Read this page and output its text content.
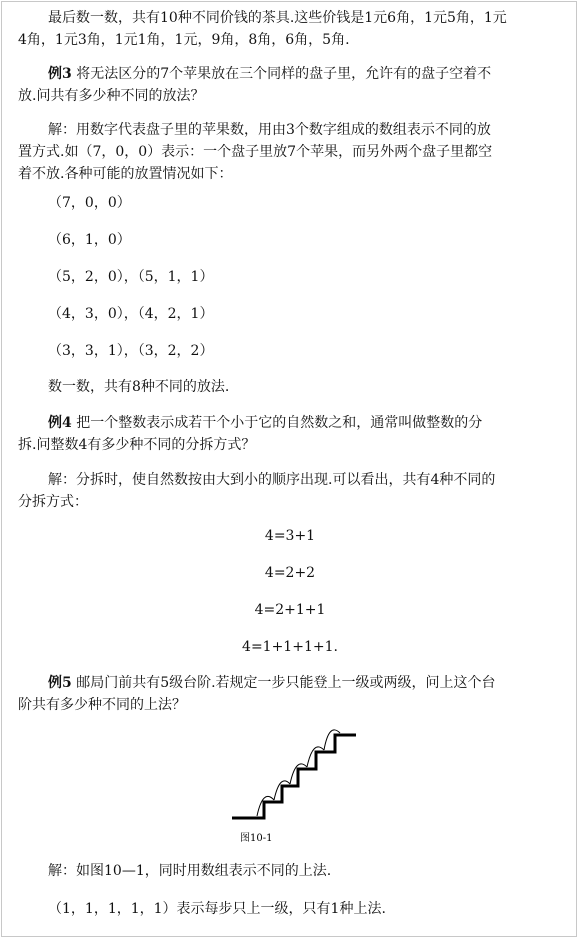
最后数一数，共有10种不同价钱的茶具.这些价钱是1元6角，1元5角，1元
4角，1元3角，1元1角，1元，9角，8角，6角，5角.
例3 将无法区分的7个苹果放在三个同样的盘子里，允许有的盘子空着不
放.问共有多少种不同的放法？
解：用数字代表盘子里的苹果数，用由3个数字组成的数组表示不同的放
置方式.如（7，0，0）表示：一个盘子里放7个苹果，而另外两个盘子里都空
着不放.各种可能的放置情况如下：
（7，0，0）
（6，1，0）
（5，2，0），（5，1，1）
（4，3，0），（4，2，1）
（3，3，1），（3，2，2）
数一数，共有8种不同的放法.
例4 把一个整数表示成若干个小于它的自然数之和，通常叫做整数的分
拆.问整数4有多少种不同的分拆方式？
解：分拆时，使自然数按由大到小的顺序出现.可以看出，共有4种不同的
分拆方式：
4=3+1
4=2+2
4=2+1+1
4=1+1+1+1.
例5 邮局门前共有5级台阶.若规定一步只能登上一级或两级，问上这个台
阶共有多少种不同的上法？
图10-1
解：如图10—1，同时用数组表示不同的上法.
（1，1，1，1，1）表示每步只上一级，只有1种上法.
